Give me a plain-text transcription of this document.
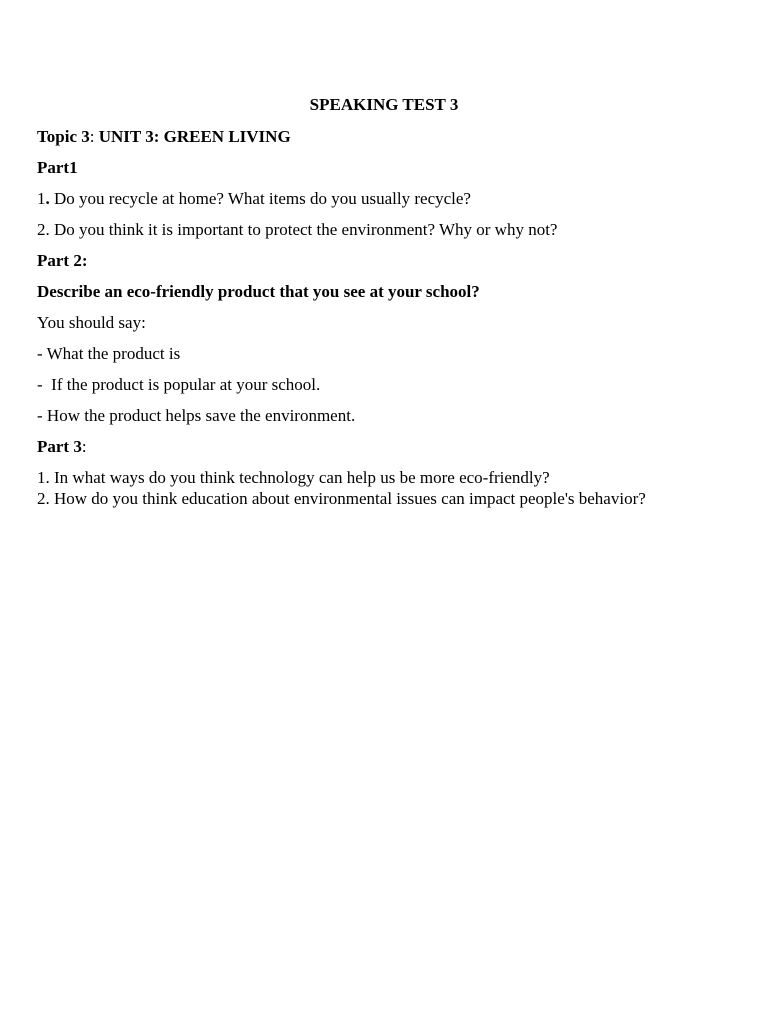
SPEAKING TEST 3

Topic 3: UNIT 3: GREEN LIVING

Part1

1. Do you recycle at home? What items do you usually recycle?

2. Do you think it is important to protect the environment? Why or why not?

Part 2:

Describe an eco-friendly product that you see at your school?

You should say:

- What the product is

-  If the product is popular at your school.

- How the product helps save the environment.

Part 3:

1. In what ways do you think technology can help us be more eco-friendly?

2. How do you think education about environmental issues can impact people's behavior?
